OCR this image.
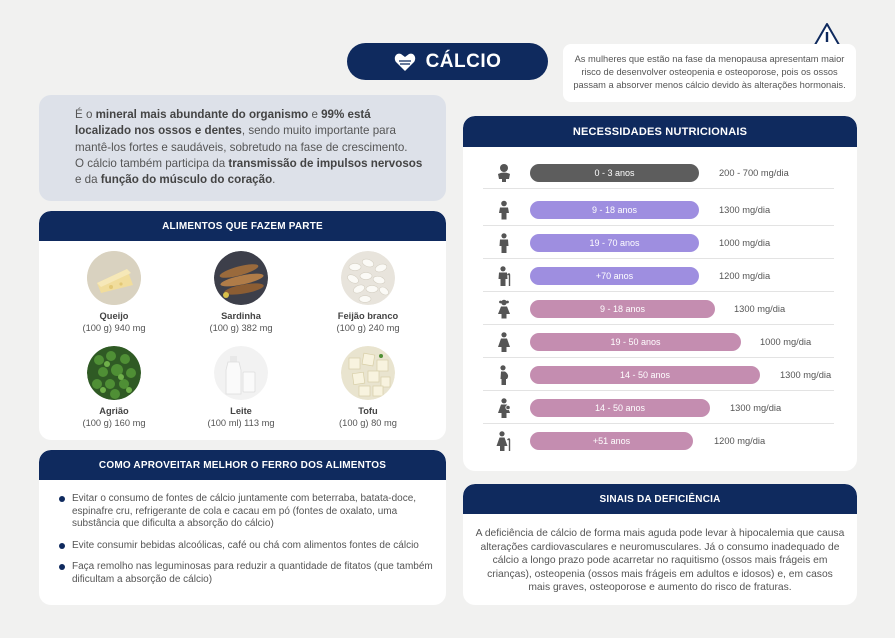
CÁLCIO	As mulheres que estão na fase da menopausa apresentam maior risco de desenvolver osteopenia e osteoporose, pois os ossos passam a absorver menos cálcio devido às alterações hormonais.

É o mineral mais abundante do organismo e 99% está localizado nos ossos e dentes, sendo muito importante para mantê-los fortes e saudáveis, sobretudo na fase de crescimento.

O cálcio também participa da transmissão de impulsos nervosos e da função do músculo do coração.

ALIMENTOS QUE FAZEM PARTE
Queijo
(100 g) 940 mg
Sardinha
(100 g) 382 mg
Feijão branco
(100 g) 240 mg
Agrião
(100 g) 160 mg
Leite
(100 ml) 113 mg
Tofu
(100 g) 80 mg
COMO APROVEITAR MELHOR O FERRO DOS ALIMENTOS
Evitar o consumo de fontes de cálcio juntamente com beterraba, batata-doce, espinafre cru, refrigerante de cola e cacau em pó (fontes de oxalato, uma substância que dificulta a absorção do cálcio)
Evite consumir bebidas alcoólicas, café ou chá com alimentos fontes de cálcio
Faça remolho nas leguminosas para reduzir a quantidade de fitatos (que também dificultam a absorção de cálcio)
NECESSIDADES NUTRICIONAIS
0 - 3 anos	200 - 700 mg/dia
9 - 18 anos	1300 mg/dia
19 - 70 anos	1000 mg/dia
+70 anos	1200 mg/dia
9 - 18 anos	1300 mg/dia
19 - 50 anos	1000 mg/dia
14 - 50 anos	1300 mg/dia
14 - 50 anos	1300 mg/dia
+51 anos	1200 mg/dia
SINAIS DA DEFICIÊNCIA

A deficiência de cálcio de forma mais aguda pode levar à hipocalemia que causa alterações cardiovasculares e neuromusculares. Já o consumo inadequado de cálcio a longo prazo pode acarretar no raquitismo (ossos mais frágeis em crianças), osteopenia (ossos mais frágeis em adultos e idosos) e, em casos mais graves, osteoporose e aumento do risco de fraturas.
